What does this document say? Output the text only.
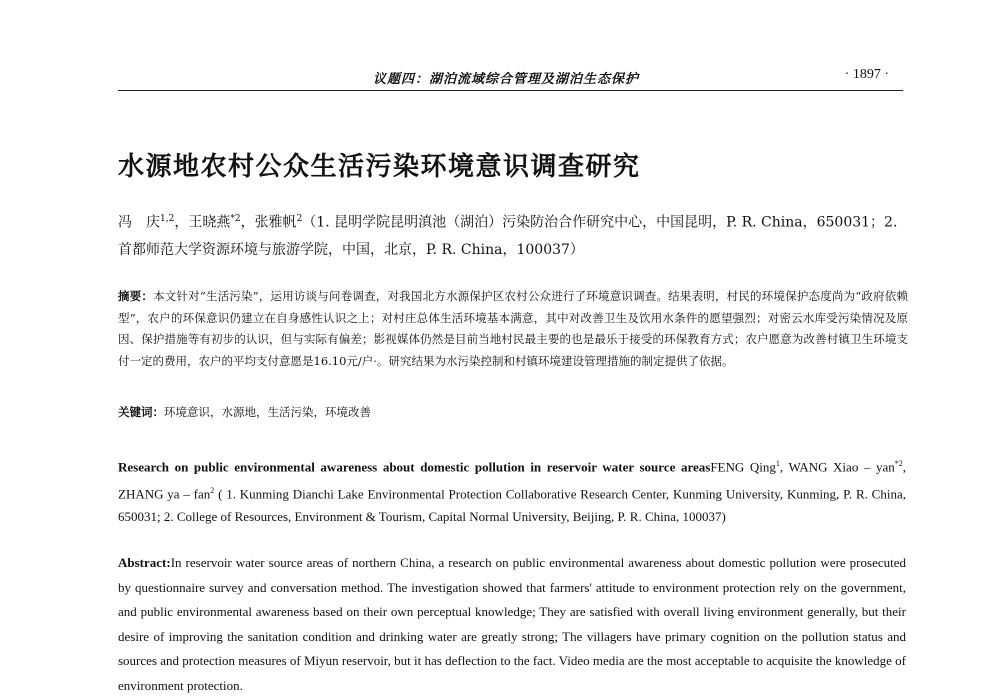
议题四：湖泊流域综合管理及湖泊生态保护	· 1897 ·
水源地农村公众生活污染环境意识调查研究
冯　庆$^{1,2}$，王晓燕$^{*2}$，张雅帆$^2$（1. 昆明学院昆明滇池（湖泊）污染防治合作研究中心，中国昆明，P. R. China，650031；2. 首都师范大学资源环境与旅游学院，中国，北京，P. R. China，100037）
摘要：本文针对“生活污染”，运用访谈与问卷调查，对我国北方水源保护区农村公众进行了环境意识调查。结果表明，村民的环境保护态度尚为“政府依赖型”，农户的环保意识仍建立在自身感性认识之上；对村庄总体生活环境基本满意，其中对改善卫生及饮用水条件的愿望强烈；对密云水库受污染情况及原因、保护措施等有初步的认识，但与实际有偏差；影视媒体仍然是目前当地村民最主要的也是最乐于接受的环保教育方式；农户愿意为改善村镇卫生环境支付一定的费用，农户的平均支付意愿是16.10元/户·。研究结果为水污染控制和村镇环境建设管理措施的制定提供了依据。
关键词：环境意识，水源地，生活污染，环境改善
Research on public environmental awareness about domestic pollution in reservoir water source areasFENG Qing$^1$, WANG Xiao – yan$^{*2}$, ZHANG ya – fan$^2$ ( 1. Kunming Dianchi Lake Environmental Protection Collaborative Research Center, Kunming University, Kunming, P. R. China, 650031; 2. College of Resources, Environment & Tourism, Capital Normal University, Beijing, P. R. China, 100037)
Abstract:In reservoir water source areas of northern China, a research on public environmental awareness about domestic pollution were prosecuted by questionnaire survey and conversation method. The investigation showed that farmers' attitude to environment protection rely on the government, and public environmental awareness based on their own perceptual knowledge; They are satisfied with overall living environment generally, but their desire of improving the sanitation condition and drinking water are greatly strong; The villagers have primary cognition on the pollution status and sources and protection measures of Miyun reservoir, but it has deflection to the fact. Video media are the most acceptable to acquisite the knowledge of environment protection.
